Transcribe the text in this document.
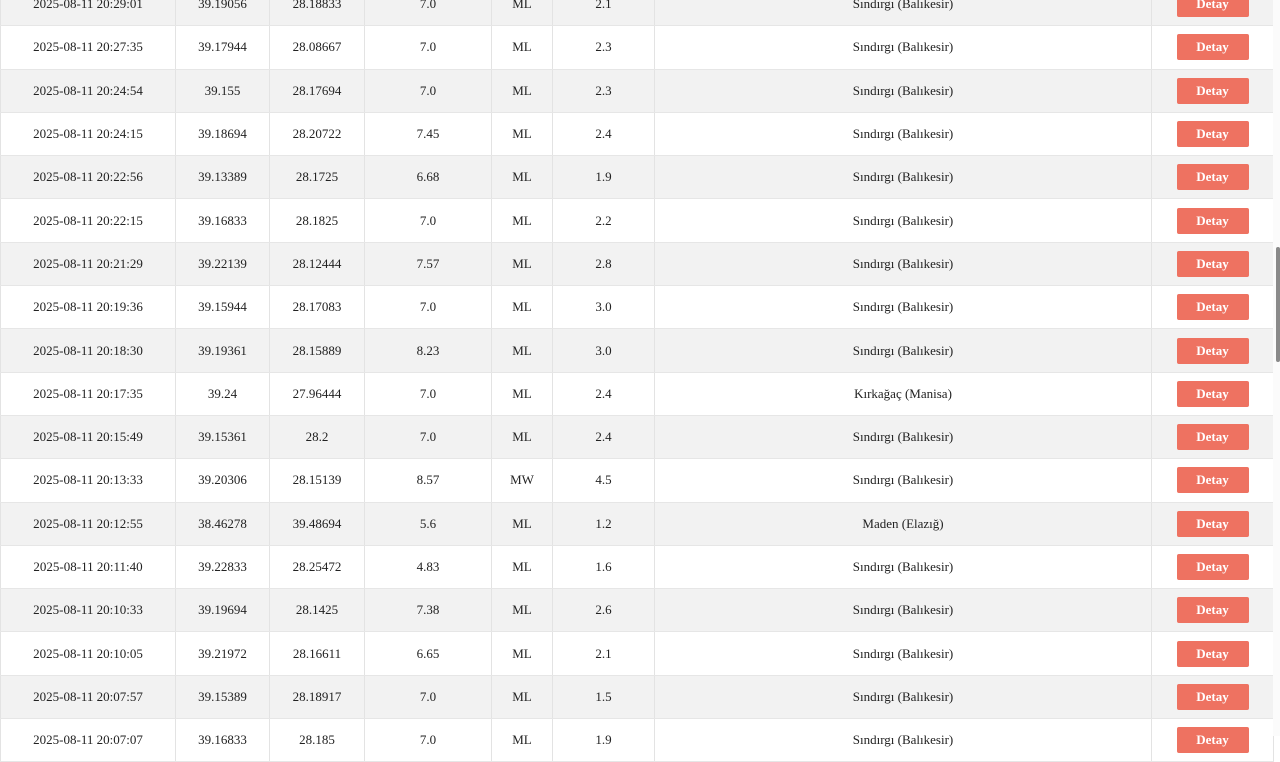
2025-08-11 20:29:01	39.19056	28.18833	7.0	ML	2.1	Sındırgı (Balıkesir)	Detay
2025-08-11 20:27:35	39.17944	28.08667	7.0	ML	2.3	Sındırgı (Balıkesir)	Detay
2025-08-11 20:24:54	39.155	28.17694	7.0	ML	2.3	Sındırgı (Balıkesir)	Detay
2025-08-11 20:24:15	39.18694	28.20722	7.45	ML	2.4	Sındırgı (Balıkesir)	Detay
2025-08-11 20:22:56	39.13389	28.1725	6.68	ML	1.9	Sındırgı (Balıkesir)	Detay
2025-08-11 20:22:15	39.16833	28.1825	7.0	ML	2.2	Sındırgı (Balıkesir)	Detay
2025-08-11 20:21:29	39.22139	28.12444	7.57	ML	2.8	Sındırgı (Balıkesir)	Detay
2025-08-11 20:19:36	39.15944	28.17083	7.0	ML	3.0	Sındırgı (Balıkesir)	Detay
2025-08-11 20:18:30	39.19361	28.15889	8.23	ML	3.0	Sındırgı (Balıkesir)	Detay
2025-08-11 20:17:35	39.24	27.96444	7.0	ML	2.4	Kırkağaç (Manisa)	Detay
2025-08-11 20:15:49	39.15361	28.2	7.0	ML	2.4	Sındırgı (Balıkesir)	Detay
2025-08-11 20:13:33	39.20306	28.15139	8.57	MW	4.5	Sındırgı (Balıkesir)	Detay
2025-08-11 20:12:55	38.46278	39.48694	5.6	ML	1.2	Maden (Elazığ)	Detay
2025-08-11 20:11:40	39.22833	28.25472	4.83	ML	1.6	Sındırgı (Balıkesir)	Detay
2025-08-11 20:10:33	39.19694	28.1425	7.38	ML	2.6	Sındırgı (Balıkesir)	Detay
2025-08-11 20:10:05	39.21972	28.16611	6.65	ML	2.1	Sındırgı (Balıkesir)	Detay
2025-08-11 20:07:57	39.15389	28.18917	7.0	ML	1.5	Sındırgı (Balıkesir)	Detay
2025-08-11 20:07:07	39.16833	28.185	7.0	ML	1.9	Sındırgı (Balıkesir)	Detay
